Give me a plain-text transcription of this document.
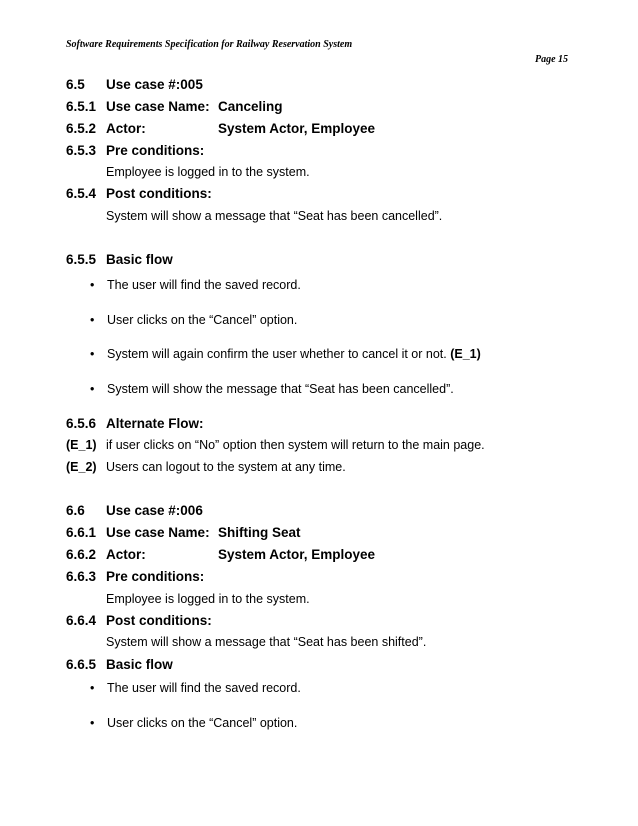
Software Requirements Specification for Railway Reservation System
Page 15
6.5 Use case #:005
6.5.1 Use case Name: Canceling
6.5.2 Actor:	System Actor, Employee
6.5.3 Pre conditions:
Employee is logged in to the system.
6.5.4 Post conditions:
System will show a message that “Seat has been cancelled”.
6.5.5 Basic flow
• The user will find the saved record.
• User clicks on the “Cancel” option.
• System will again confirm the user whether to cancel it or not. (E_1)
• System will show the message that “Seat has been cancelled”.
6.5.6 Alternate Flow:
(E_1) if user clicks on “No” option then system will return to the main page.
(E_2) Users can logout to the system at any time.
6.6 Use case #:006
6.6.1 Use case Name: Shifting Seat
6.6.2 Actor:	System Actor, Employee
6.6.3 Pre conditions:
Employee is logged in to the system.
6.6.4 Post conditions:
System will show a message that “Seat has been shifted”.
6.6.5 Basic flow
• The user will find the saved record.
• User clicks on the “Cancel” option.
